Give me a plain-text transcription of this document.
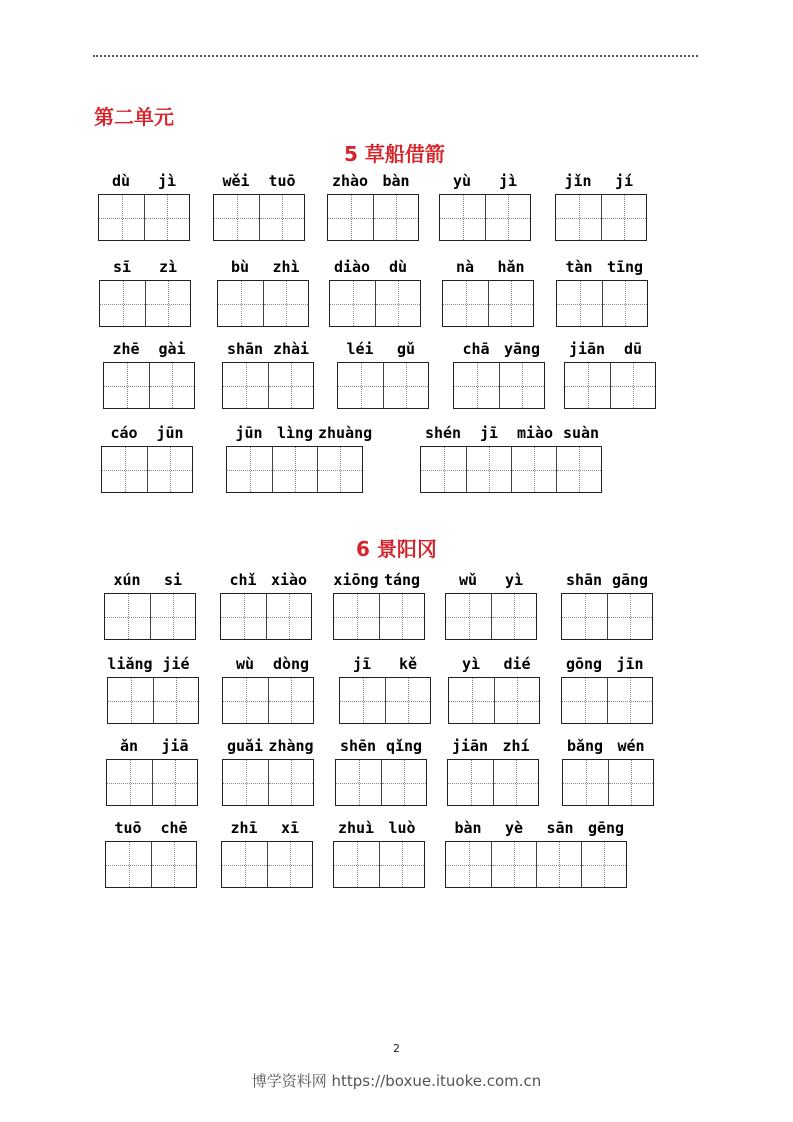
第二单元
5 草船借箭
dù jì	wěi tuō	zhào bàn	yù jì	jǐn jí
sī zì	bù zhì	diào dù	nà hǎn	tàn tīng
zhē gài	shān zhài	léi gǔ	chā yāng	jiān dū
cáo jūn	jūn lìng zhuàng	shén jī miào suàn
6 景阳冈
xún si	chǐ xiào	xiōng táng	wǔ yì	shān gāng
liǎng jié	wù dòng	jī kě	yì dié	gōng jīn
ǎn jiā	guǎi zhàng	shēn qǐng	jiān zhí	bǎng wén
tuō chē	zhī xī	zhuì luò	bàn yè sān gēng
2
博学资料网 https://boxue.ituoke.com.cn
